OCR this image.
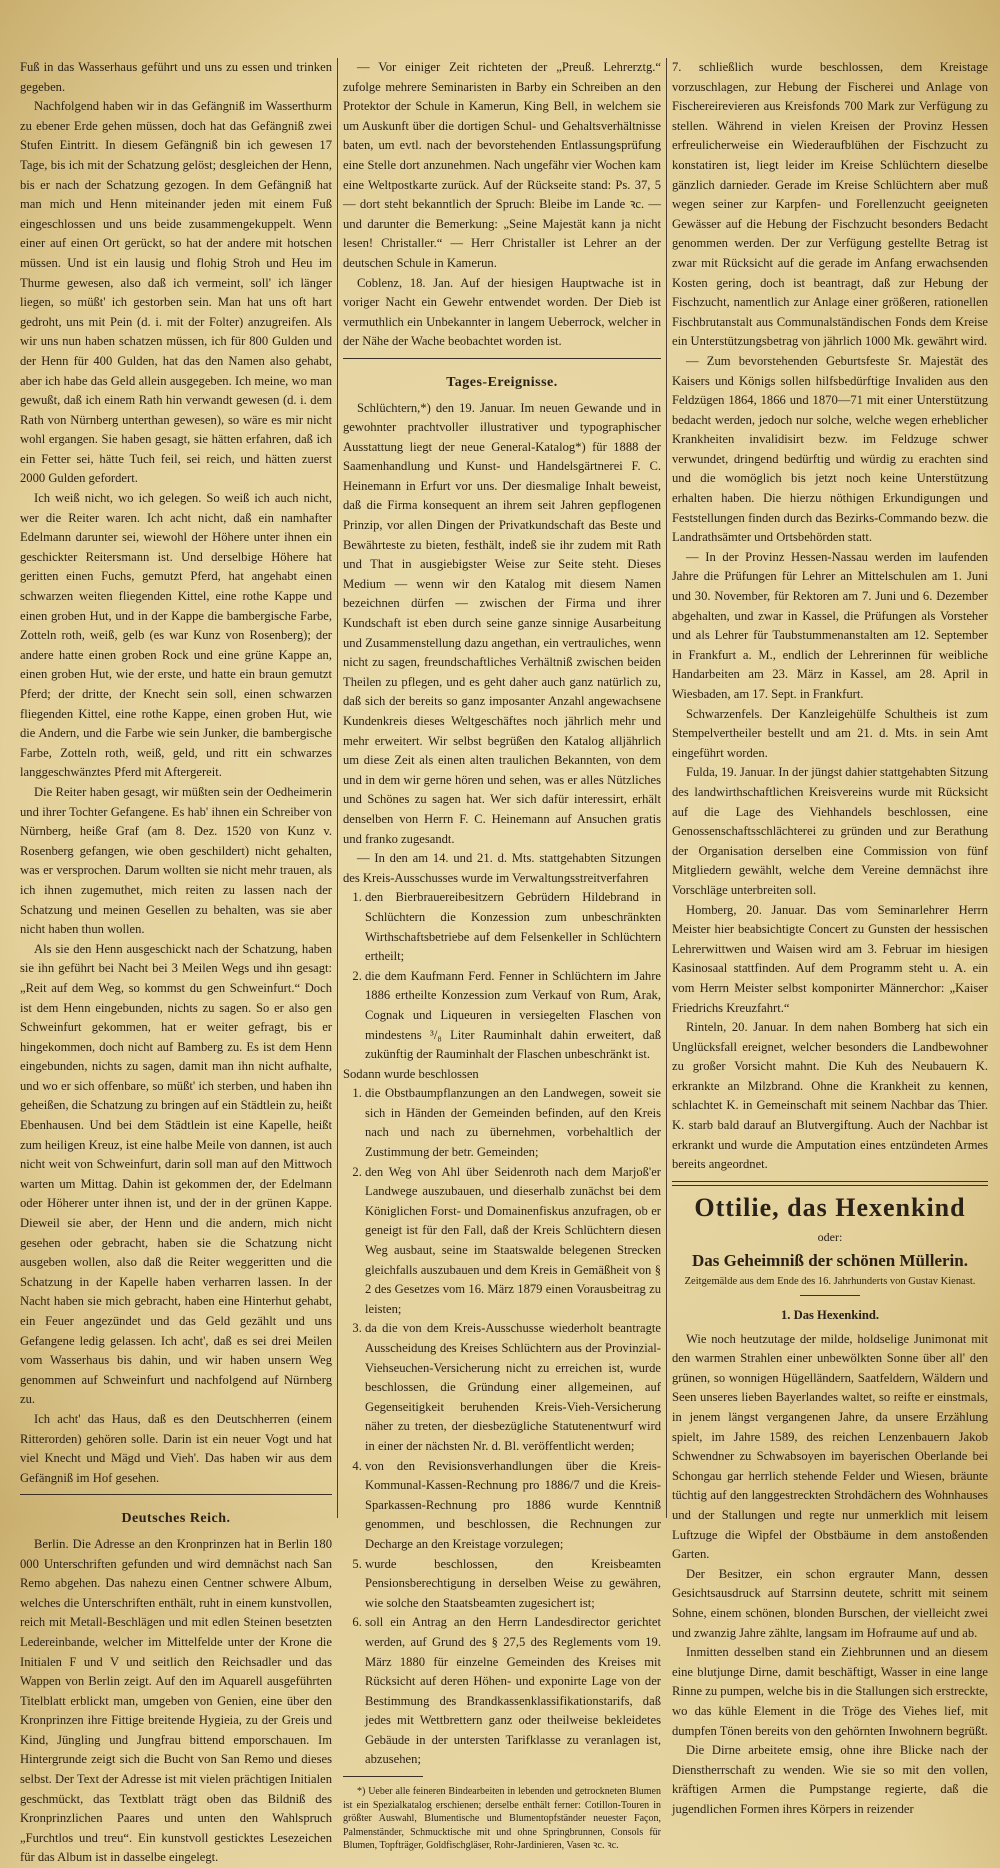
Fuß in das Wasserhaus geführt und uns zu essen und trinken gegeben.

Nachfolgend haben wir in das Gefängniß im Wasserthurm zu ebener Erde gehen müssen, doch hat das Gefängniß zwei Stufen Eintritt. In diesem Gefängniß bin ich gewesen 17 Tage, bis ich mit der Schatzung gelöst; desgleichen der Henn, bis er nach der Schatzung gezogen. In dem Gefängniß hat man mich und Henn miteinander jeden mit einem Fuß eingeschlossen und uns beide zusammengekuppelt. Wenn einer auf einen Ort gerückt, so hat der andere mit hotschen müssen. Und ist ein lausig und flohig Stroh und Heu im Thurme gewesen, also daß ich vermeint, soll' ich länger liegen, so müßt' ich gestorben sein. Man hat uns oft hart gedroht, uns mit Pein (d. i. mit der Folter) anzugreifen. Als wir uns nun haben schatzen müssen, ich für 800 Gulden und der Henn für 400 Gulden, hat das den Namen also gehabt, aber ich habe das Geld allein ausgegeben. Ich meine, wo man gewußt, daß ich einem Rath hin verwandt gewesen (d. i. dem Rath von Nürnberg unterthan gewesen), so wäre es mir nicht wohl ergangen. Sie haben gesagt, sie hätten erfahren, daß ich ein Fetter sei, hätte Tuch feil, sei reich, und hätten zuerst 2000 Gulden gefordert.

Ich weiß nicht, wo ich gelegen. So weiß ich auch nicht, wer die Reiter waren. Ich acht nicht, daß ein namhafter Edelmann darunter sei, wiewohl der Höhere unter ihnen ein geschickter Reitersmann ist. Und derselbige Höhere hat geritten einen Fuchs, gemutzt Pferd, hat angehabt einen schwarzen weiten fliegenden Kittel, eine rothe Kappe und einen groben Hut, und in der Kappe die bambergische Farbe, Zotteln roth, weiß, gelb (es war Kunz von Rosenberg); der andere hatte einen groben Rock und eine grüne Kappe an, einen groben Hut, wie der erste, und hatte ein braun gemutzt Pferd; der dritte, der Knecht sein soll, einen schwarzen fliegenden Kittel, eine rothe Kappe, einen groben Hut, wie die Andern, und die Farbe wie sein Junker, die bambergische Farbe, Zotteln roth, weiß, geld, und ritt ein schwarzes langgeschwänztes Pferd mit Aftergereit.

Die Reiter haben gesagt, wir müßten sein der Oedheimerin und ihrer Tochter Gefangene. Es hab' ihnen ein Schreiber von Nürnberg, heiße Graf (am 8. Dez. 1520 von Kunz v. Rosenberg gefangen, wie oben geschildert) nicht gehalten, was er versprochen. Darum wollten sie nicht mehr trauen, als ich ihnen zugemuthet, mich reiten zu lassen nach der Schatzung und meinen Gesellen zu behalten, was sie aber nicht haben thun wollen.

Als sie den Henn ausgeschickt nach der Schatzung, haben sie ihn geführt bei Nacht bei 3 Meilen Wegs und ihn gesagt: „Reit auf dem Weg, so kommst du gen Schweinfurt.“ Doch ist dem Henn eingebunden, nichts zu sagen. So er also gen Schweinfurt gekommen, hat er weiter gefragt, bis er hingekommen, doch nicht auf Bamberg zu. Es ist dem Henn eingebunden, nichts zu sagen, damit man ihn nicht aufhalte, und wo er sich offenbare, so müßt' ich sterben, und haben ihn geheißen, die Schatzung zu bringen auf ein Städtlein zu, heißt Ebenhausen. Und bei dem Städtlein ist eine Kapelle, heißt zum heiligen Kreuz, ist eine halbe Meile von dannen, ist auch nicht weit von Schweinfurt, darin soll man auf den Mittwoch warten um Mittag. Dahin ist gekommen der, der Edelmann oder Höherer unter ihnen ist, und der in der grünen Kappe. Dieweil sie aber, der Henn und die andern, mich nicht gesehen oder gebracht, haben sie die Schatzung nicht ausgeben wollen, also daß die Reiter weggeritten und die Schatzung in der Kapelle haben verharren lassen. In der Nacht haben sie mich gebracht, haben eine Hinterhut gehabt, ein Feuer angezündet und das Geld gezählt und uns Gefangene ledig gelassen. Ich acht', daß es sei drei Meilen vom Wasserhaus bis dahin, und wir haben unsern Weg genommen auf Schweinfurt und nachfolgend auf Nürnberg zu.

Ich acht' das Haus, daß es den Deutschherren (einem Ritterorden) gehören solle. Darin ist ein neuer Vogt und hat viel Knecht und Mägd und Vieh'. Das haben wir aus dem Gefängniß im Hof gesehen.

Deutsches Reich.

Berlin. Die Adresse an den Kronprinzen hat in Berlin 180 000 Unterschriften gefunden und wird demnächst nach San Remo abgehen. Das nahezu einen Centner schwere Album, welches die Unterschriften enthält, ruht in einem kunstvollen, reich mit Metall-Beschlägen und mit edlen Steinen besetzten Ledereinbande, welcher im Mittelfelde unter der Krone die Initialen F und V und seitlich den Reichsadler und das Wappen von Berlin zeigt. Auf den im Aquarell ausgeführten Titelblatt erblickt man, umgeben von Genien, eine über den Kronprinzen ihre Fittige breitende Hygieia, zu der Greis und Kind, Jüngling und Jungfrau bittend emporschauen. Im Hintergrunde zeigt sich die Bucht von San Remo und dieses selbst. Der Text der Adresse ist mit vielen prächtigen Initialen geschmückt, das Textblatt trägt oben das Bildniß des Kronprinzlichen Paares und unten den Wahlspruch „Furchtlos und treu“. Ein kunstvoll gesticktes Lesezeichen für das Album ist in dasselbe eingelegt.

— Vor einiger Zeit richteten der „Preuß. Lehrerztg.“ zufolge mehrere Seminaristen in Barby ein Schreiben an den Protektor der Schule in Kamerun, King Bell, in welchem sie um Auskunft über die dortigen Schul- und Gehaltsverhältnisse baten, um evtl. nach der bevorstehenden Entlassungsprüfung eine Stelle dort anzunehmen. Nach ungefähr vier Wochen kam eine Weltpostkarte zurück. Auf der Rückseite stand: Ps. 37, 5 — dort steht bekanntlich der Spruch: Bleibe im Lande ꝛc. — und darunter die Bemerkung: „Seine Majestät kann ja nicht lesen! Christaller.“ — Herr Christaller ist Lehrer an der deutschen Schule in Kamerun.

Coblenz, 18. Jan. Auf der hiesigen Hauptwache ist in voriger Nacht ein Gewehr entwendet worden. Der Dieb ist vermuthlich ein Unbekannter in langem Ueberrock, welcher in der Nähe der Wache beobachtet worden ist.

Tages-Ereignisse.

Schlüchtern,*) den 19. Januar. Im neuen Gewande und in gewohnter prachtvoller illustrativer und typographischer Ausstattung liegt der neue General-Katalog*) für 1888 der Saamenhandlung und Kunst- und Handelsgärtnerei F. C. Heinemann in Erfurt vor uns. Der diesmalige Inhalt beweist, daß die Firma konsequent an ihrem seit Jahren gepflogenen Prinzip, vor allen Dingen der Privatkundschaft das Beste und Bewährteste zu bieten, festhält, indeß sie ihr zudem mit Rath und That in ausgiebigster Weise zur Seite steht. Dieses Medium — wenn wir den Katalog mit diesem Namen bezeichnen dürfen — zwischen der Firma und ihrer Kundschaft ist eben durch seine ganze sinnige Ausarbeitung und Zusammenstellung dazu angethan, ein vertrauliches, wenn nicht zu sagen, freundschaftliches Verhältniß zwischen beiden Theilen zu pflegen, und es geht daher auch ganz natürlich zu, daß sich der bereits so ganz imposanter Anzahl angewachsene Kundenkreis dieses Weltgeschäftes noch jährlich mehr und mehr erweitert. Wir selbst begrüßen den Katalog alljährlich um diese Zeit als einen alten traulichen Bekannten, von dem und in dem wir gerne hören und sehen, was er alles Nützliches und Schönes zu sagen hat. Wer sich dafür interessirt, erhält denselben von Herrn F. C. Heinemann auf Ansuchen gratis und franko zugesandt.

— In den am 14. und 21. d. Mts. stattgehabten Sitzungen des Kreis-Ausschusses wurde im Verwaltungsstreitverfahren

1. den Bierbrauereibesitzern Gebrüdern Hildebrand in Schlüchtern die Konzession zum unbeschränkten Wirthschaftsbetriebe auf dem Felsenkeller in Schlüchtern ertheilt;
2. die dem Kaufmann Ferd. Fenner in Schlüchtern im Jahre 1886 ertheilte Konzession zum Verkauf von Rum, Arak, Cognak und Liqueuren in versiegelten Flaschen von mindestens ³/₈ Liter Rauminhalt dahin erweitert, daß zukünftig der Rauminhalt der Flaschen unbeschränkt ist.

Sodann wurde beschlossen

1. die Obstbaumpflanzungen an den Landwegen, soweit sie sich in Händen der Gemeinden befinden, auf den Kreis nach und nach zu übernehmen, vorbehaltlich der Zustimmung der betr. Gemeinden;
2. den Weg von Ahl über Seidenroth nach dem Marjoß'er Landwege auszubauen, und dieserhalb zunächst bei dem Königlichen Forst- und Domainenfiskus anzufragen, ob er geneigt ist für den Fall, daß der Kreis Schlüchtern diesen Weg ausbaut, seine im Staatswalde belegenen Strecken gleichfalls auszubauen und dem Kreis in Gemäßheit von § 2 des Gesetzes vom 16. März 1879 einen Vorausbeitrag zu leisten;
3. da die von dem Kreis-Ausschusse wiederholt beantragte Ausscheidung des Kreises Schlüchtern aus der Provinzial-Viehseuchen-Versicherung nicht zu erreichen ist, wurde beschlossen, die Gründung einer allgemeinen, auf Gegenseitigkeit beruhenden Kreis-Vieh-Versicherung näher zu treten, der diesbezügliche Statutenentwurf wird in einer der nächsten Nr. d. Bl. veröffentlicht werden;
4. von den Revisionsverhandlungen über die Kreis-Kommunal-Kassen-Rechnung pro 1886/7 und die Kreis-Sparkassen-Rechnung pro 1886 wurde Kenntniß genommen, und beschlossen, die Rechnungen zur Decharge an den Kreistage vorzulegen;
5. wurde beschlossen, den Kreisbeamten Pensionsberechtigung in derselben Weise zu gewähren, wie solche den Staatsbeamten zugesichert ist;
6. soll ein Antrag an den Herrn Landesdirector gerichtet werden, auf Grund des § 27,5 des Reglements vom 19. März 1880 für einzelne Gemeinden des Kreises mit Rücksicht auf deren Höhen- und exponirte Lage von der Bestimmung des Brandkassenklassifikationstarifs, daß jedes mit Wettbrettern ganz oder theilweise bekleidetes Gebäude in der untersten Tarifklasse zu veranlagen ist, abzusehen;

*) Ueber alle feineren Bindearbeiten in lebenden und getrockneten Blumen ist ein Spezialkatalog erschienen; derselbe enthält ferner: Cotillon-Touren in größter Auswahl, Blumentische und Blumentopfständer neuester Façon, Palmenständer, Schmucktische mit und ohne Springbrunnen, Consols für Blumen, Topfträger, Goldfischgläser, Rohr-Jardinieren, Vasen ꝛc. ꝛc.

7. schließlich wurde beschlossen, dem Kreistage vorzuschlagen, zur Hebung der Fischerei und Anlage von Fischereirevieren aus Kreisfonds 700 Mark zur Verfügung zu stellen. Während in vielen Kreisen der Provinz Hessen erfreulicherweise ein Wiederaufblühen der Fischzucht zu konstatiren ist, liegt leider im Kreise Schlüchtern dieselbe gänzlich darnieder. Gerade im Kreise Schlüchtern aber muß wegen seiner zur Karpfen- und Forellenzucht geeigneten Gewässer auf die Hebung der Fischzucht besonders Bedacht genommen werden. Der zur Verfügung gestellte Betrag ist zwar mit Rücksicht auf die gerade im Anfang erwachsenden Kosten gering, doch ist beantragt, daß zur Hebung der Fischzucht, namentlich zur Anlage einer größeren, rationellen Fischbrutanstalt aus Communalständischen Fonds dem Kreise ein Unterstützungsbetrag von jährlich 1000 Mk. gewährt wird.

— Zum bevorstehenden Geburtsfeste Sr. Majestät des Kaisers und Königs sollen hilfsbedürftige Invaliden aus den Feldzügen 1864, 1866 und 1870—71 mit einer Unterstützung bedacht werden, jedoch nur solche, welche wegen erheblicher Krankheiten invalidisirt bezw. im Feldzuge schwer verwundet, dringend bedürftig und würdig zu erachten sind und die womöglich bis jetzt noch keine Unterstützung erhalten haben. Die hierzu nöthigen Erkundigungen und Feststellungen finden durch das Bezirks-Commando bezw. die Landrathsämter und Ortsbehörden statt.

— In der Provinz Hessen-Nassau werden im laufenden Jahre die Prüfungen für Lehrer an Mittelschulen am 1. Juni und 30. November, für Rektoren am 7. Juni und 6. Dezember abgehalten, und zwar in Kassel, die Prüfungen als Vorsteher und als Lehrer für Taubstummenanstalten am 12. September in Frankfurt a. M., endlich der Lehrerinnen für weibliche Handarbeiten am 23. März in Kassel, am 28. April in Wiesbaden, am 17. Sept. in Frankfurt.

Schwarzenfels. Der Kanzleigehülfe Schultheis ist zum Stempelvertheiler bestellt und am 21. d. Mts. in sein Amt eingeführt worden.

Fulda, 19. Januar. In der jüngst dahier stattgehabten Sitzung des landwirthschaftlichen Kreisvereins wurde mit Rücksicht auf die Lage des Viehhandels beschlossen, eine Genossenschaftsschlächterei zu gründen und zur Berathung der Organisation derselben eine Commission von fünf Mitgliedern gewählt, welche dem Vereine demnächst ihre Vorschläge unterbreiten soll.

Homberg, 20. Januar. Das vom Seminarlehrer Herrn Meister hier beabsichtigte Concert zu Gunsten der hessischen Lehrerwittwen und Waisen wird am 3. Februar im hiesigen Kasinosaal stattfinden. Auf dem Programm steht u. A. ein vom Herrn Meister selbst komponirter Männerchor: „Kaiser Friedrichs Kreuzfahrt.“

Rinteln, 20. Januar. In dem nahen Bomberg hat sich ein Unglücksfall ereignet, welcher besonders die Landbewohner zu großer Vorsicht mahnt. Die Kuh des Neubauern K. erkrankte an Milzbrand. Ohne die Krankheit zu kennen, schlachtet K. in Gemeinschaft mit seinem Nachbar das Thier. K. starb bald darauf an Blutvergiftung. Auch der Nachbar ist erkrankt und wurde die Amputation eines entzündeten Armes bereits angeordnet.

Ottilie, das Hexenkind
oder:
Das Geheimniß der schönen Müllerin.
Zeitgemälde aus dem Ende des 16. Jahrhunderts von Gustav Kienast.
1. Das Hexenkind.

Wie noch heutzutage der milde, holdselige Junimonat mit den warmen Strahlen einer unbewölkten Sonne über all' den grünen, so wonnigen Hügelländern, Saatfeldern, Wäldern und Seen unseres lieben Bayerlandes waltet, so reifte er einstmals, in jenem längst vergangenen Jahre, da unsere Erzählung spielt, im Jahre 1589, des reichen Lenzenbauern Jakob Schwendner zu Schwabsoyen im bayerischen Oberlande bei Schongau gar herrlich stehende Felder und Wiesen, bräunte tüchtig auf den langgestreckten Strohdächern des Wohnhauses und der Stallungen und regte nur unmerklich mit leisem Luftzuge die Wipfel der Obstbäume in dem anstoßenden Garten.

Der Besitzer, ein schon ergrauter Mann, dessen Gesichtsausdruck auf Starrsinn deutete, schritt mit seinem Sohne, einem schönen, blonden Burschen, der vielleicht zwei und zwanzig Jahre zählte, langsam im Hofraume auf und ab.

Inmitten desselben stand ein Ziehbrunnen und an diesem eine blutjunge Dirne, damit beschäftigt, Wasser in eine lange Rinne zu pumpen, welche bis in die Stallungen sich erstreckte, wo das kühle Element in die Tröge des Viehes lief, mit dumpfen Tönen bereits von den gehörnten Inwohnern begrüßt.

Die Dirne arbeitete emsig, ohne ihre Blicke nach der Dienstherrschaft zu wenden. Wie sie so mit den vollen, kräftigen Armen die Pumpstange regierte, daß die jugendlichen Formen ihres Körpers in reizender
